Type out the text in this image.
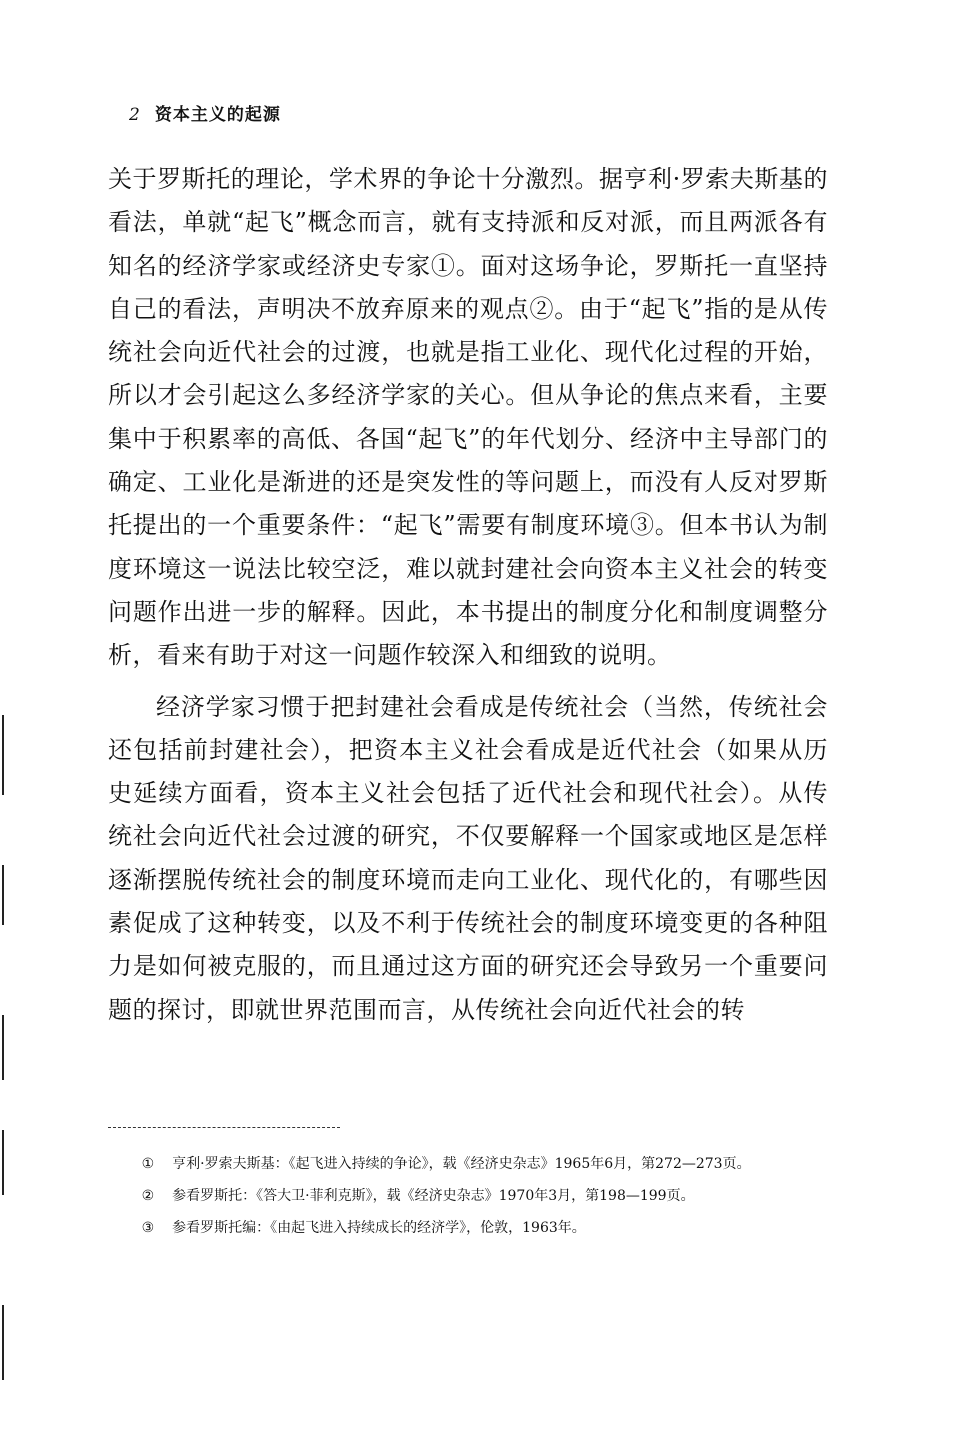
2 资本主义的起源

关于罗斯托的理论，学术界的争论十分激烈。据亨利·罗索夫斯基的看法，单就“起飞”概念而言，就有支持派和反对派，而且两派各有知名的经济学家或经济史专家①。面对这场争论，罗斯托一直坚持自己的看法，声明决不放弃原来的观点②。由于“起飞”指的是从传统社会向近代社会的过渡，也就是指工业化、现代化过程的开始，所以才会引起这么多经济学家的关心。但从争论的焦点来看，主要集中于积累率的高低、各国“起飞”的年代划分、经济中主导部门的确定、工业化是渐进的还是突发性的等问题上，而没有人反对罗斯托提出的一个重要条件：“起飞”需要有制度环境③。但本书认为制度环境这一说法比较空泛，难以就封建社会向资本主义社会的转变问题作出进一步的解释。因此，本书提出的制度分化和制度调整分析，看来有助于对这一问题作较深入和细致的说明。

经济学家习惯于把封建社会看成是传统社会（当然，传统社会还包括前封建社会），把资本主义社会看成是近代社会（如果从历史延续方面看，资本主义社会包括了近代社会和现代社会）。从传统社会向近代社会过渡的研究，不仅要解释一个国家或地区是怎样逐渐摆脱传统社会的制度环境而走向工业化、现代化的，有哪些因素促成了这种转变，以及不利于传统社会的制度环境变更的各种阻力是如何被克服的，而且通过这方面的研究还会导致另一个重要问题的探讨，即就世界范围而言，从传统社会向近代社会的转

① 亨利·罗索夫斯基：《起飞进入持续的争论》，载《经济史杂志》1965年6月，第272—273页。
② 参看罗斯托：《答大卫·菲利克斯》，载《经济史杂志》1970年3月，第198—199页。
③ 参看罗斯托编：《由起飞进入持续成长的经济学》，伦敦，1963年。
